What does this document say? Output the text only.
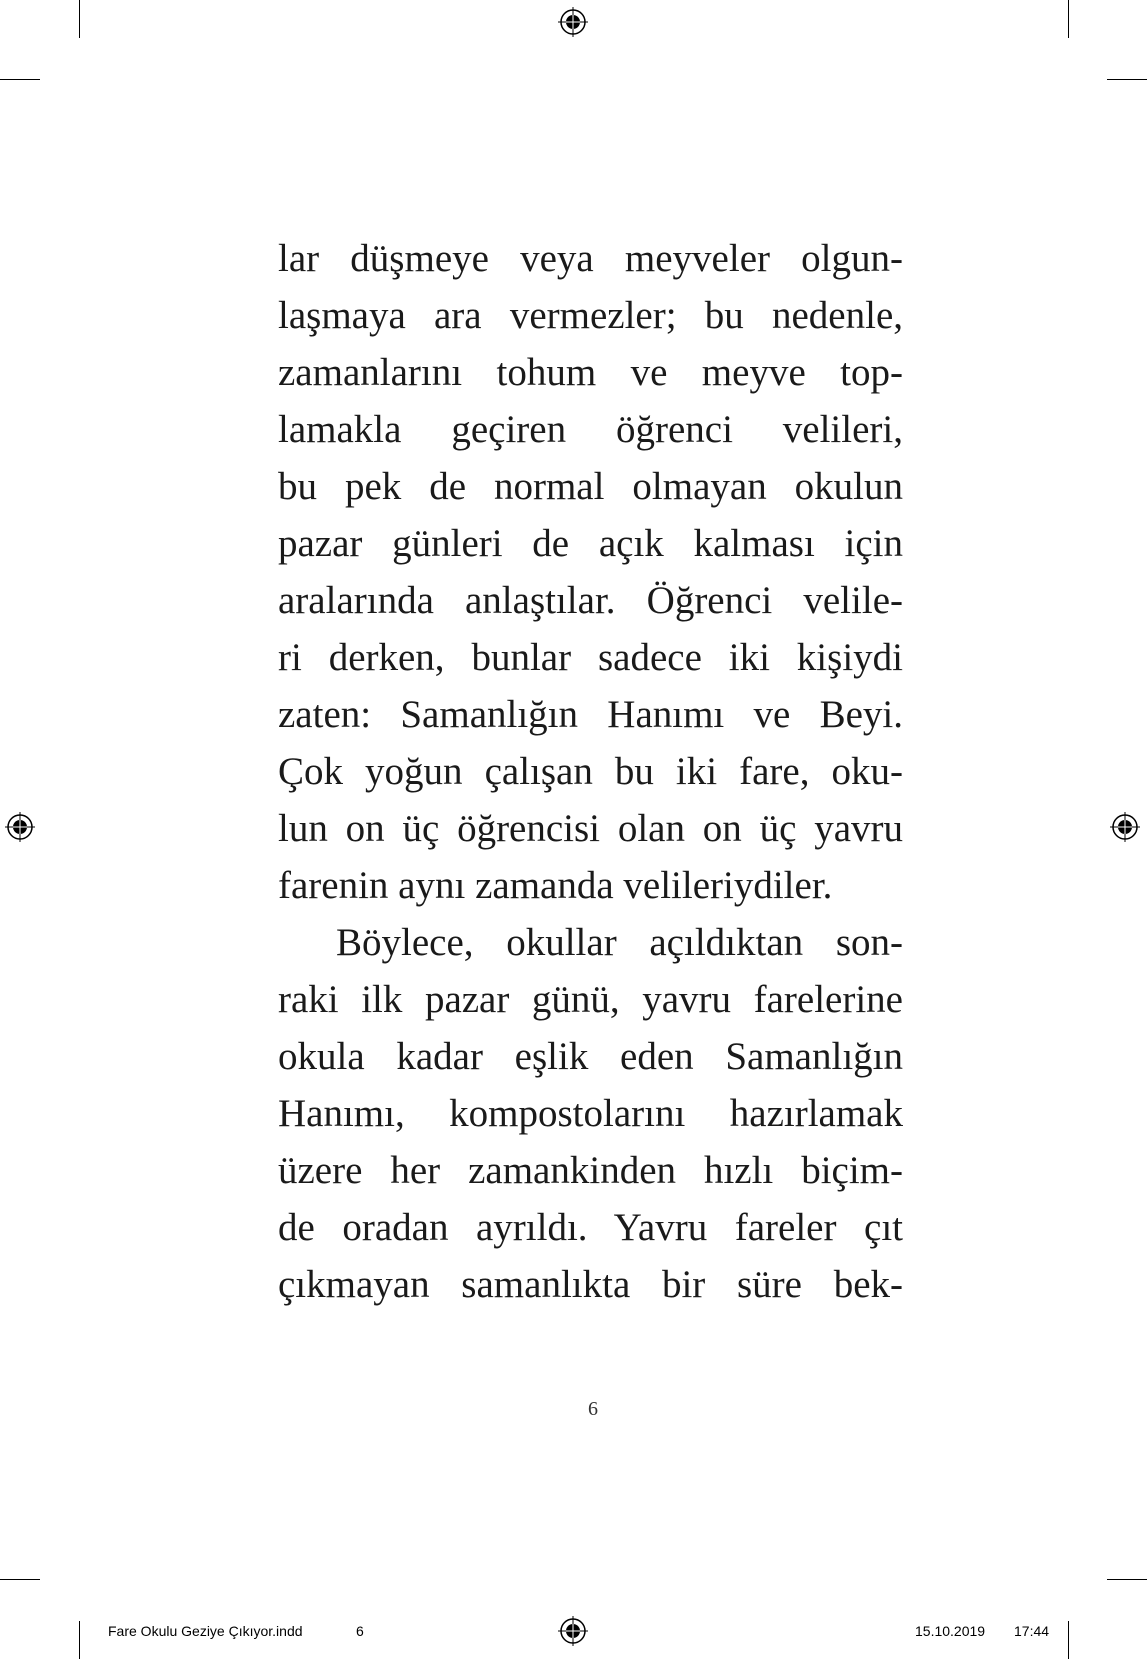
lar düşmeye veya meyveler olgun-
laşmaya ara vermezler; bu nedenle,
zamanlarını tohum ve meyve top-
lamakla geçiren öğrenci velileri,
bu pek de normal olmayan okulun
pazar günleri de açık kalması için
aralarında anlaştılar. Öğrenci velile-
ri derken, bunlar sadece iki kişiydi
zaten: Samanlığın Hanımı ve Beyi.
Çok yoğun çalışan bu iki fare, oku-
lun on üç öğrencisi olan on üç yavru
farenin aynı zamanda velileriydiler.
Böylece, okullar açıldıktan son-
raki ilk pazar günü, yavru farelerine
okula kadar eşlik eden Samanlığın
Hanımı, kompostolarını hazırlamak
üzere her zamankinden hızlı biçim-
de oradan ayrıldı. Yavru fareler çıt
çıkmayan samanlıkta bir süre bek-
6
Fare Okulu Geziye Çıkıyor.indd	6	15.10.2019 17:44
